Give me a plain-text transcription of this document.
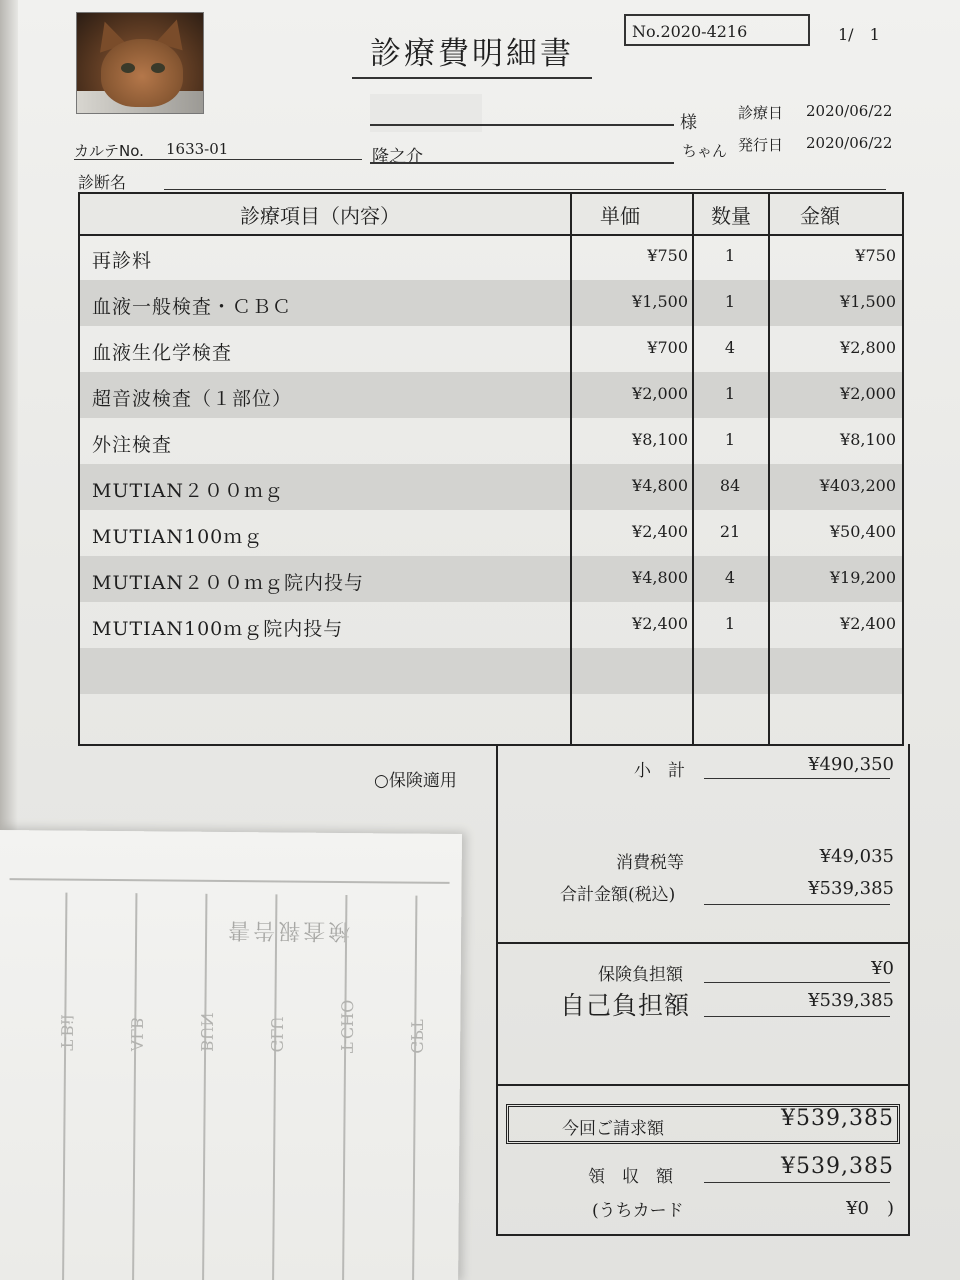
診療費明細書
No.2020-4216	1/　1
様	診療日 2020/06/22
カルテNo. 1633-01	隆之介	ちゃん 発行日 2020/06/22
診断名
診療項目（内容）	単価	数量	金額
再診料	¥750	1	¥750
血液一般検査・ＣＢＣ	¥1,500	1	¥1,500
血液生化学検査	¥700	4	¥2,800
超音波検査（１部位）	¥2,000	1	¥2,000
外注検査	¥8,100	1	¥8,100
MUTIAN２００ｍｇ	¥4,800	84	¥403,200
MUTIAN100ｍｇ	¥2,400	21	¥50,400
MUTIAN２００ｍｇ院内投与	¥4,800	4	¥19,200
MUTIAN100ｍｇ院内投与	¥2,400	1	¥2,400
○保険適用	小　計	¥490,350
消費税等	¥49,035
合計金額(税込)	¥539,385
保険負担額	¥0
自己負担額	¥539,385
今回ご請求額	¥539,385
領　収　額	¥539,385
(うちカード	¥0　)
検査報告書
GPT
T-CHO
GLU
BUN
ALB
T-Bil
